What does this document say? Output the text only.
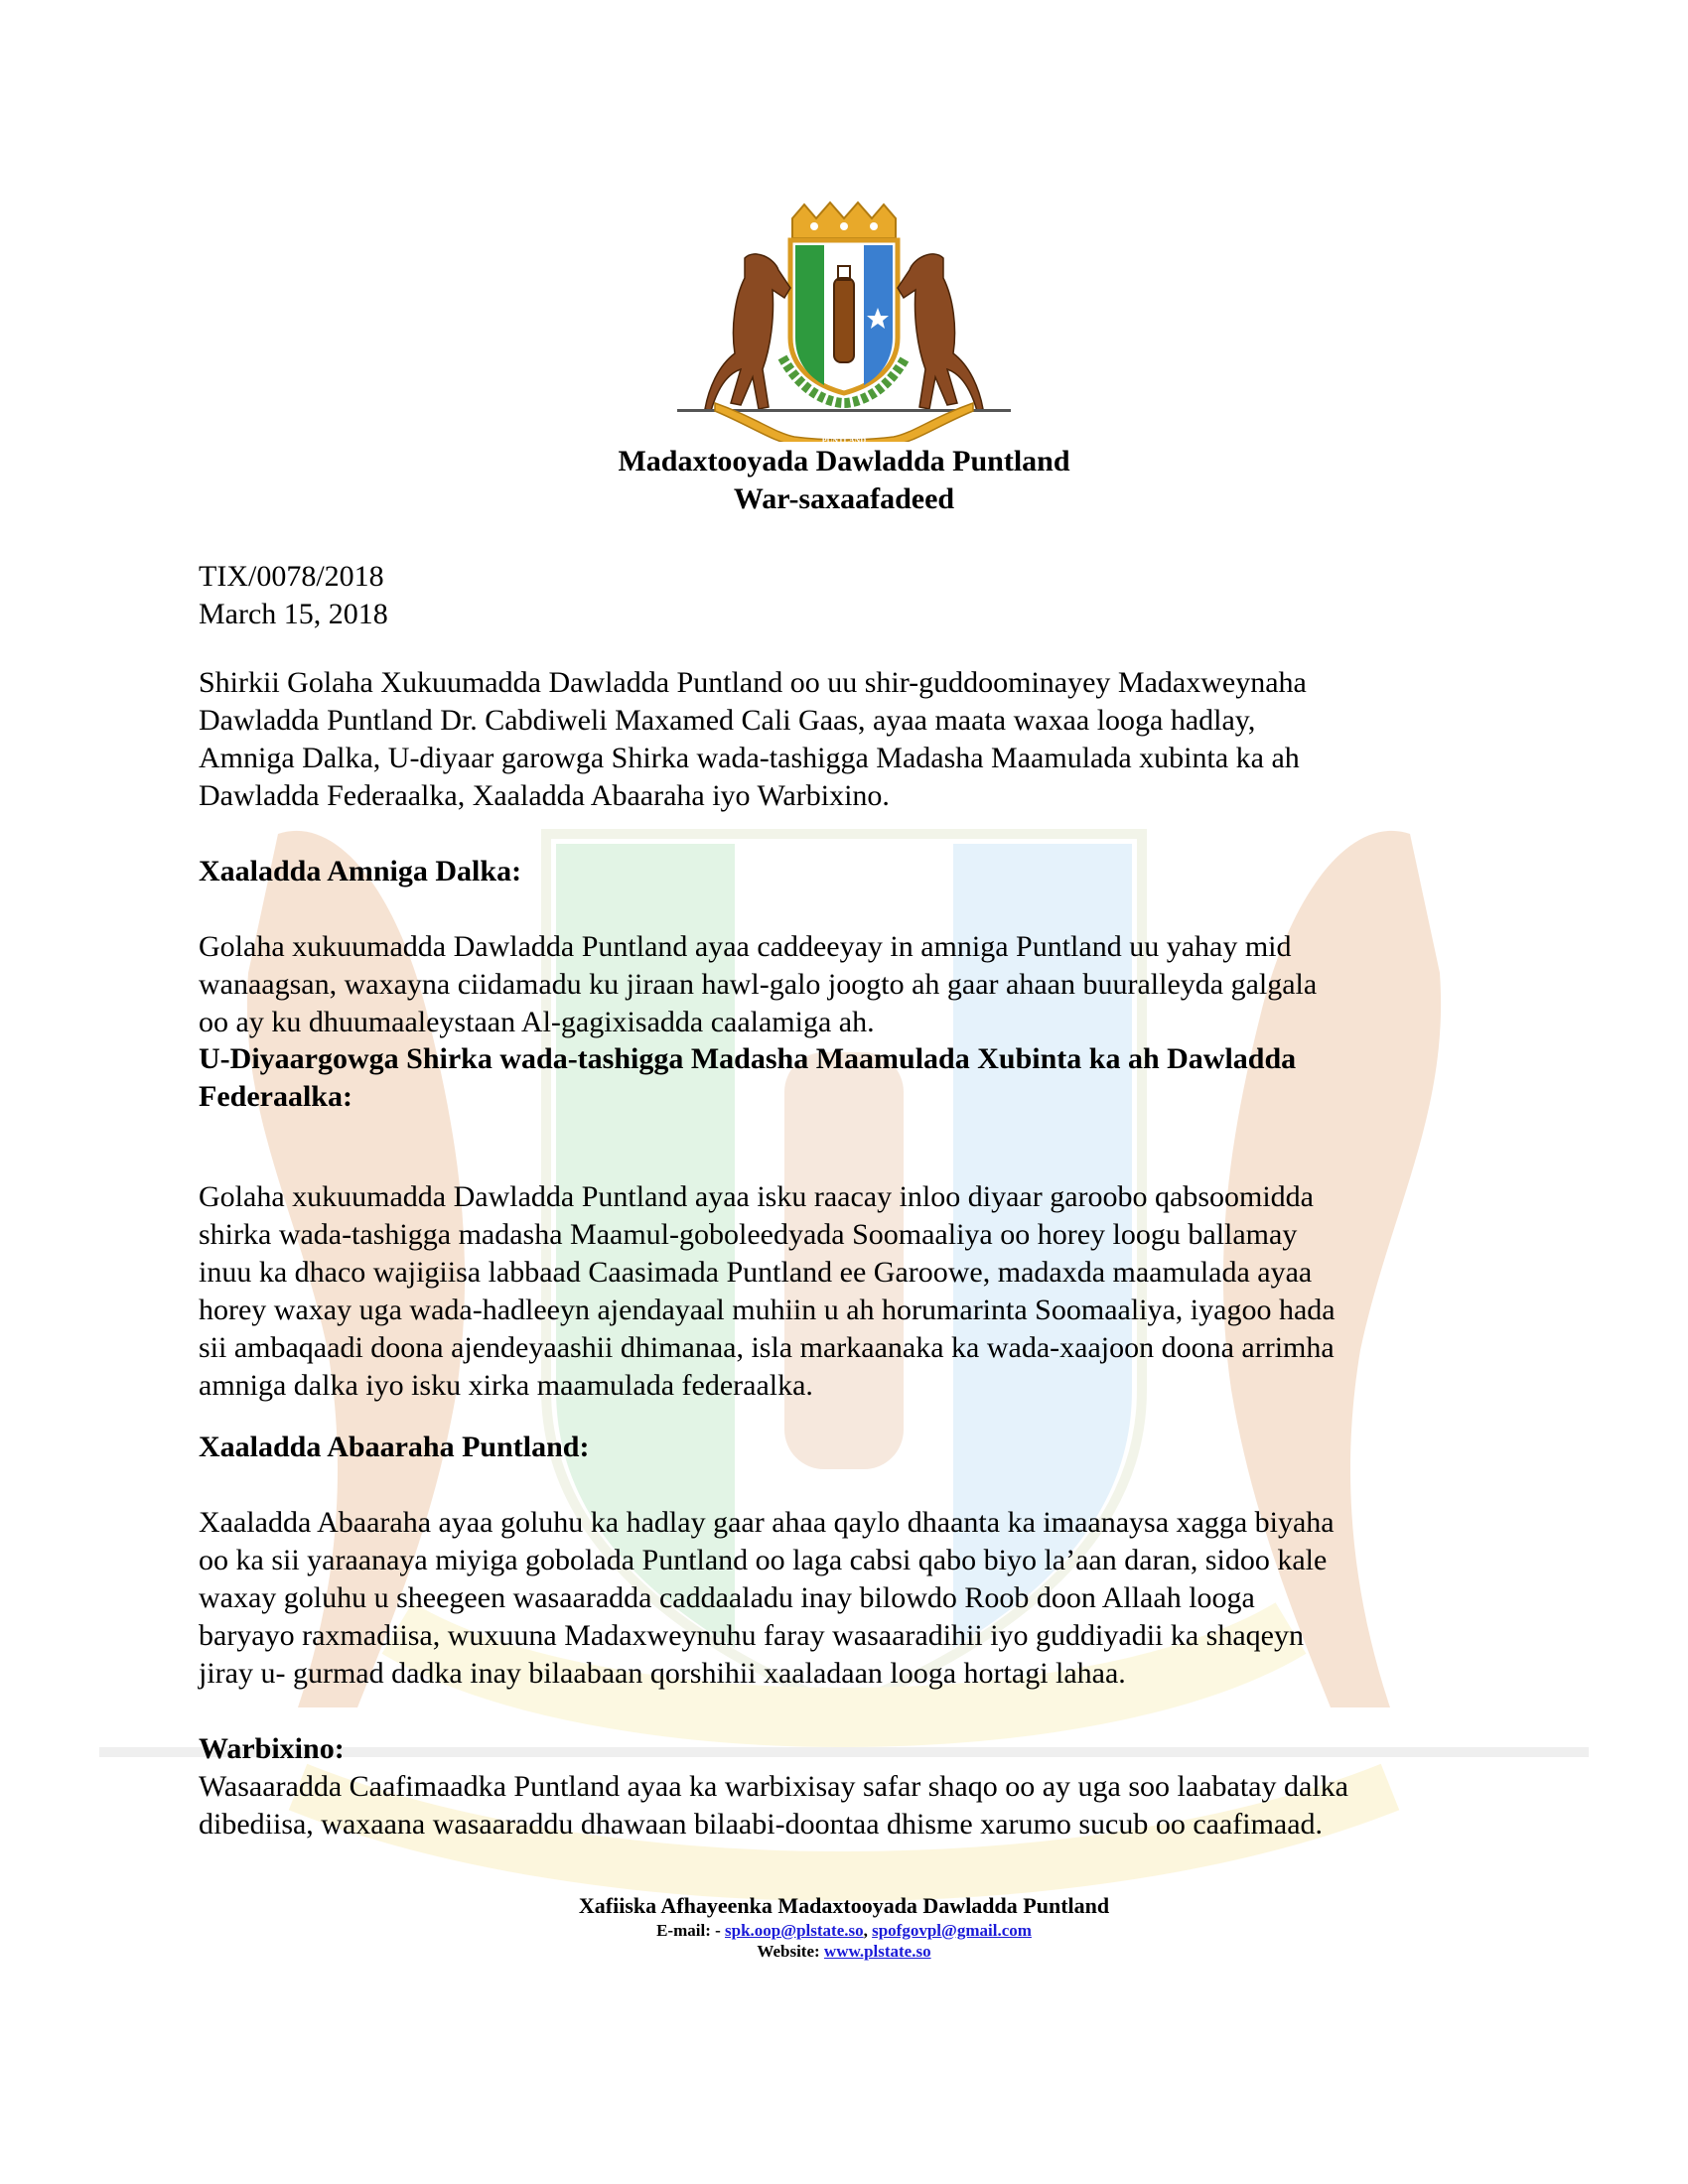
PUNTLAND
Madaxtooyada Dawladda Puntland
War-saxaafadeed
TIX/0078/2018
March 15, 2018
Shirkii Golaha Xukuumadda Dawladda Puntland oo uu shir-guddoominayey Madaxweynaha
Dawladda Puntland Dr. Cabdiweli Maxamed Cali Gaas, ayaa maata waxaa looga hadlay,
Amniga Dalka, U-diyaar garowga Shirka wada-tashigga Madasha Maamulada xubinta ka ah
Dawladda Federaalka, Xaaladda Abaaraha iyo Warbixino.
Xaaladda Amniga Dalka:
Golaha xukuumadda Dawladda Puntland ayaa caddeeyay in amniga Puntland uu yahay mid
wanaagsan, waxayna ciidamadu ku jiraan hawl-galo joogto ah gaar ahaan buuralleyda galgala
oo ay ku dhuumaaleystaan Al-gagixisadda caalamiga ah.
U-Diyaargowga Shirka wada-tashigga Madasha Maamulada Xubinta ka ah Dawladda
Federaalka:
Golaha xukuumadda Dawladda Puntland ayaa isku raacay inloo diyaar garoobo qabsoomidda
shirka wada-tashigga madasha Maamul-goboleedyada Soomaaliya oo horey loogu ballamay
inuu ka dhaco wajigiisa labbaad Caasimada Puntland ee Garoowe, madaxda maamulada ayaa
horey waxay uga wada-hadleeyn ajendayaal muhiin u ah horumarinta Soomaaliya, iyagoo hada
sii ambaqaadi doona ajendeyaashii dhimanaa, isla markaanaka ka wada-xaajoon doona arrimha
amniga dalka iyo isku xirka maamulada federaalka.
Xaaladda Abaaraha Puntland:
Xaaladda Abaaraha ayaa goluhu ka hadlay gaar ahaa qaylo dhaanta ka imaanaysa xagga biyaha
oo ka sii yaraanaya miyiga gobolada Puntland oo laga cabsi qabo biyo la’aan daran, sidoo kale
waxay goluhu u sheegeen wasaaradda caddaaladu inay bilowdo Roob doon Allaah looga
baryayo raxmadiisa, wuxuuna Madaxweynuhu faray wasaaradihii iyo guddiyadii ka shaqeyn
jiray u- gurmad dadka inay bilaabaan qorshihii xaaladaan looga hortagi lahaa.
Warbixino:
Wasaaradda Caafimaadka Puntland ayaa ka warbixisay safar shaqo oo ay uga soo laabatay dalka
dibediisa, waxaana wasaaraddu dhawaan bilaabi-doontaa dhisme xarumo sucub oo caafimaad.
Xafiiska Afhayeenka Madaxtooyada Dawladda Puntland
E-mail: - spk.oop@plstate.so, spofgovpl@gmail.com
Website: www.plstate.so
